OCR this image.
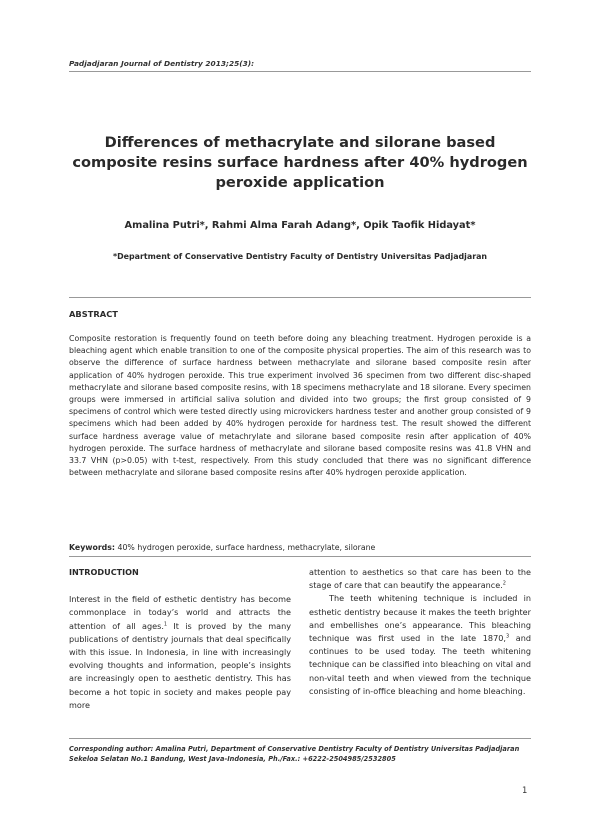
Padjadjaran Journal of Dentistry 2013;25(3):
Differences of methacrylate and silorane based composite resins surface hardness after 40% hydrogen peroxide application
Amalina Putri*, Rahmi Alma Farah Adang*, Opik Taofik Hidayat*
*Department of Conservative Dentistry Faculty of Dentistry Universitas Padjadjaran
ABSTRACT
Composite restoration is frequently found on teeth before doing any bleaching treatment. Hydrogen peroxide is a bleaching agent which enable transition to one of the composite physical properties. The aim of this research was to observe the difference of surface hardness between methacrylate and silorane based composite resin after application of 40% hydrogen peroxide. This true experiment involved 36 specimen from two different disc-shaped methacrylate and silorane based composite resins, with 18 specimens methacrylate and 18 silorane. Every specimen groups were immersed in artificial saliva solution and divided into two groups; the first group consisted of 9 specimens of control which were tested directly using microvickers hardness tester and another group consisted of 9 specimens which had been added by 40% hydrogen peroxide for hardness test. The result showed the different surface hardness average value of metachrylate and silorane based composite resin after application of 40% hydrogen peroxide. The surface hardness of methacrylate and silorane based composite resins was 41.8 VHN and 33.7 VHN (p>0.05) with t-test, respectively. From this study concluded that there was no significant difference between methacrylate and silorane based composite resins after 40% hydrogen peroxide application.
Keywords: 40% hydrogen peroxide, surface hardness, methacrylate, silorane
INTRODUCTION

Interest in the field of esthetic dentistry has become commonplace in today’s world and attracts the attention of all ages.$^1$ It is proved by the many publications of dentistry journals that deal specifically with this issue. In Indonesia, in line with increasingly evolving thoughts and information, people’s insights are increasingly open to aesthetic dentistry. This has become a hot topic in society and makes people pay more

attention to aesthetics so that care has been to the stage of care that can beautify the appearance.$^2$

The teeth whitening technique is included in esthetic dentistry because it makes the teeth brighter and embellishes one’s appearance. This bleaching technique was first used in the late 1870,$^3$ and continues to be used today. The teeth whitening technique can be classified into bleaching on vital and non-vital teeth and when viewed from the technique consisting of in-office bleaching and home bleaching.

Corresponding author: Amalina Putri, Department of Conservative Dentistry Faculty of Dentistry Universitas Padjadjaran Sekeloa Selatan No.1 Bandung, West Java-Indonesia, Ph./Fax.: +6222-2504985/2532805
1
